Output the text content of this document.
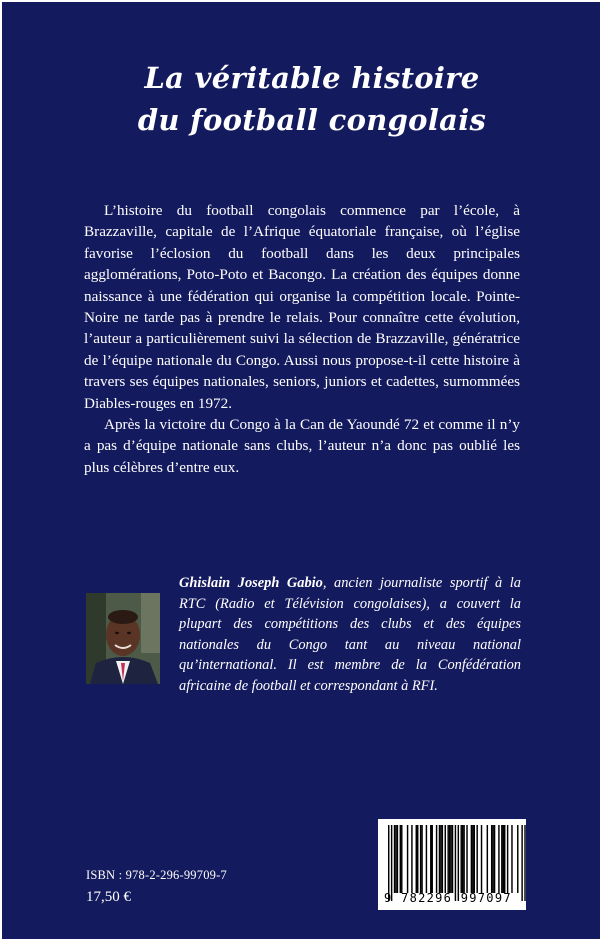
La véritable histoire
du football congolais

L’histoire du football congolais commence par l’école, à Brazzaville, capitale de l’Afrique équatoriale française, où l’église favorise l’éclosion du football dans les deux principales agglomérations, Poto-Poto et Bacongo. La création des équipes donne naissance à une fédération qui organise la compétition locale. Pointe-Noire ne tarde pas à prendre le relais. Pour connaître cette évolution, l’auteur a particulièrement suivi la sélection de Brazzaville, génératrice de l’équipe nationale du Congo. Aussi nous propose-t-il cette histoire à travers ses équipes nationales, seniors, juniors et cadettes, surnommées Diables-rouges en 1972.

Après la victoire du Congo à la Can de Yaoundé 72 et comme il n’y a pas d’équipe nationale sans clubs, l’auteur n’a donc pas oublié les plus célèbres d’entre eux.

Ghislain Joseph Gabio, ancien journaliste sportif à la RTC (Radio et Télévision congolaises), a couvert la plupart des compétitions des clubs et des équipes nationales du Congo tant au niveau national qu’international. Il est membre de la Confédération africaine de football et correspondant à RFI.
9 782296 997097
ISBN : 978-2-296-99709-7
17,50 €
